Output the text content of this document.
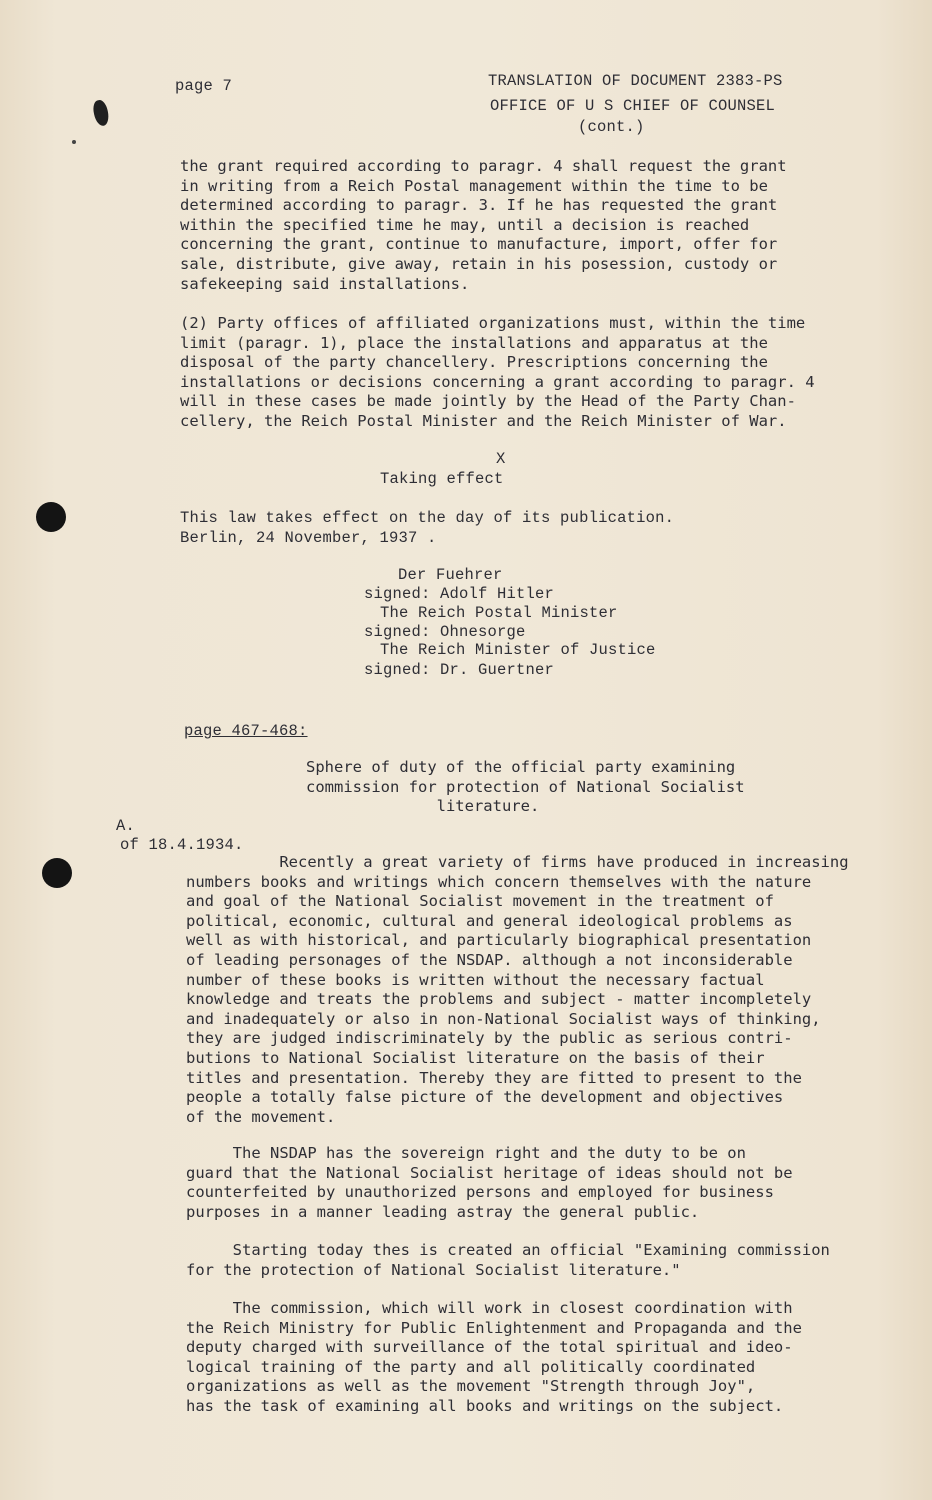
page 7	TRANSLATION OF DOCUMENT 2383-PS
OFFICE OF U S CHIEF OF COUNSEL
(cont.)
the grant required according to paragr. 4 shall request the grant
in writing from a Reich Postal management within the time to be
determined according to paragr. 3. If he has requested the grant
within the specified time he may, until a decision is reached
concerning the grant, continue to manufacture, import, offer for
sale, distribute, give away, retain in his posession, custody or
safekeeping said installations.
(2) Party offices of affiliated organizations must, within the time
limit (paragr. 1), place the installations and apparatus at the
disposal of the party chancellery. Prescriptions concerning the
installations or decisions concerning a grant according to paragr. 4
will in these cases be made jointly by the Head of the Party Chan-
cellery, the Reich Postal Minister and the Reich Minister of War.
X
Taking effect
This law takes effect on the day of its publication.
Berlin, 24 November, 1937 .
Der Fuehrer
signed: Adolf Hitler
The Reich Postal Minister
signed: Ohnesorge
The Reich Minister of Justice
signed: Dr. Guertner
page 467-468:
Sphere of duty of the official party examining
commission for protection of National Socialist
literature.
A.
of 18.4.1934.
Recently a great variety of firms have produced in increasing
numbers books and writings which concern themselves with the nature
and goal of the National Socialist movement in the treatment of
political, economic, cultural and general ideological problems as
well as with historical, and particularly biographical presentation
of leading personages of the NSDAP. although a not inconsiderable
number of these books is written without the necessary factual
knowledge and treats the problems and subject - matter incompletely
and inadequately or also in non-National Socialist ways of thinking,
they are judged indiscriminately by the public as serious contri-
butions to National Socialist literature on the basis of their
titles and presentation. Thereby they are fitted to present to the
people a totally false picture of the development and objectives
of the movement.
The NSDAP has the sovereign right and the duty to be on
guard that the National Socialist heritage of ideas should not be
counterfeited by unauthorized persons and employed for business
purposes in a manner leading astray the general public.
Starting today thes is created an official "Examining commission
for the protection of National Socialist literature."
The commission, which will work in closest coordination with
the Reich Ministry for Public Enlightenment and Propaganda and the
deputy charged with surveillance of the total spiritual and ideo-
logical training of the party and all politically coordinated
organizations as well as the movement "Strength through Joy",
has the task of examining all books and writings on the subject.
